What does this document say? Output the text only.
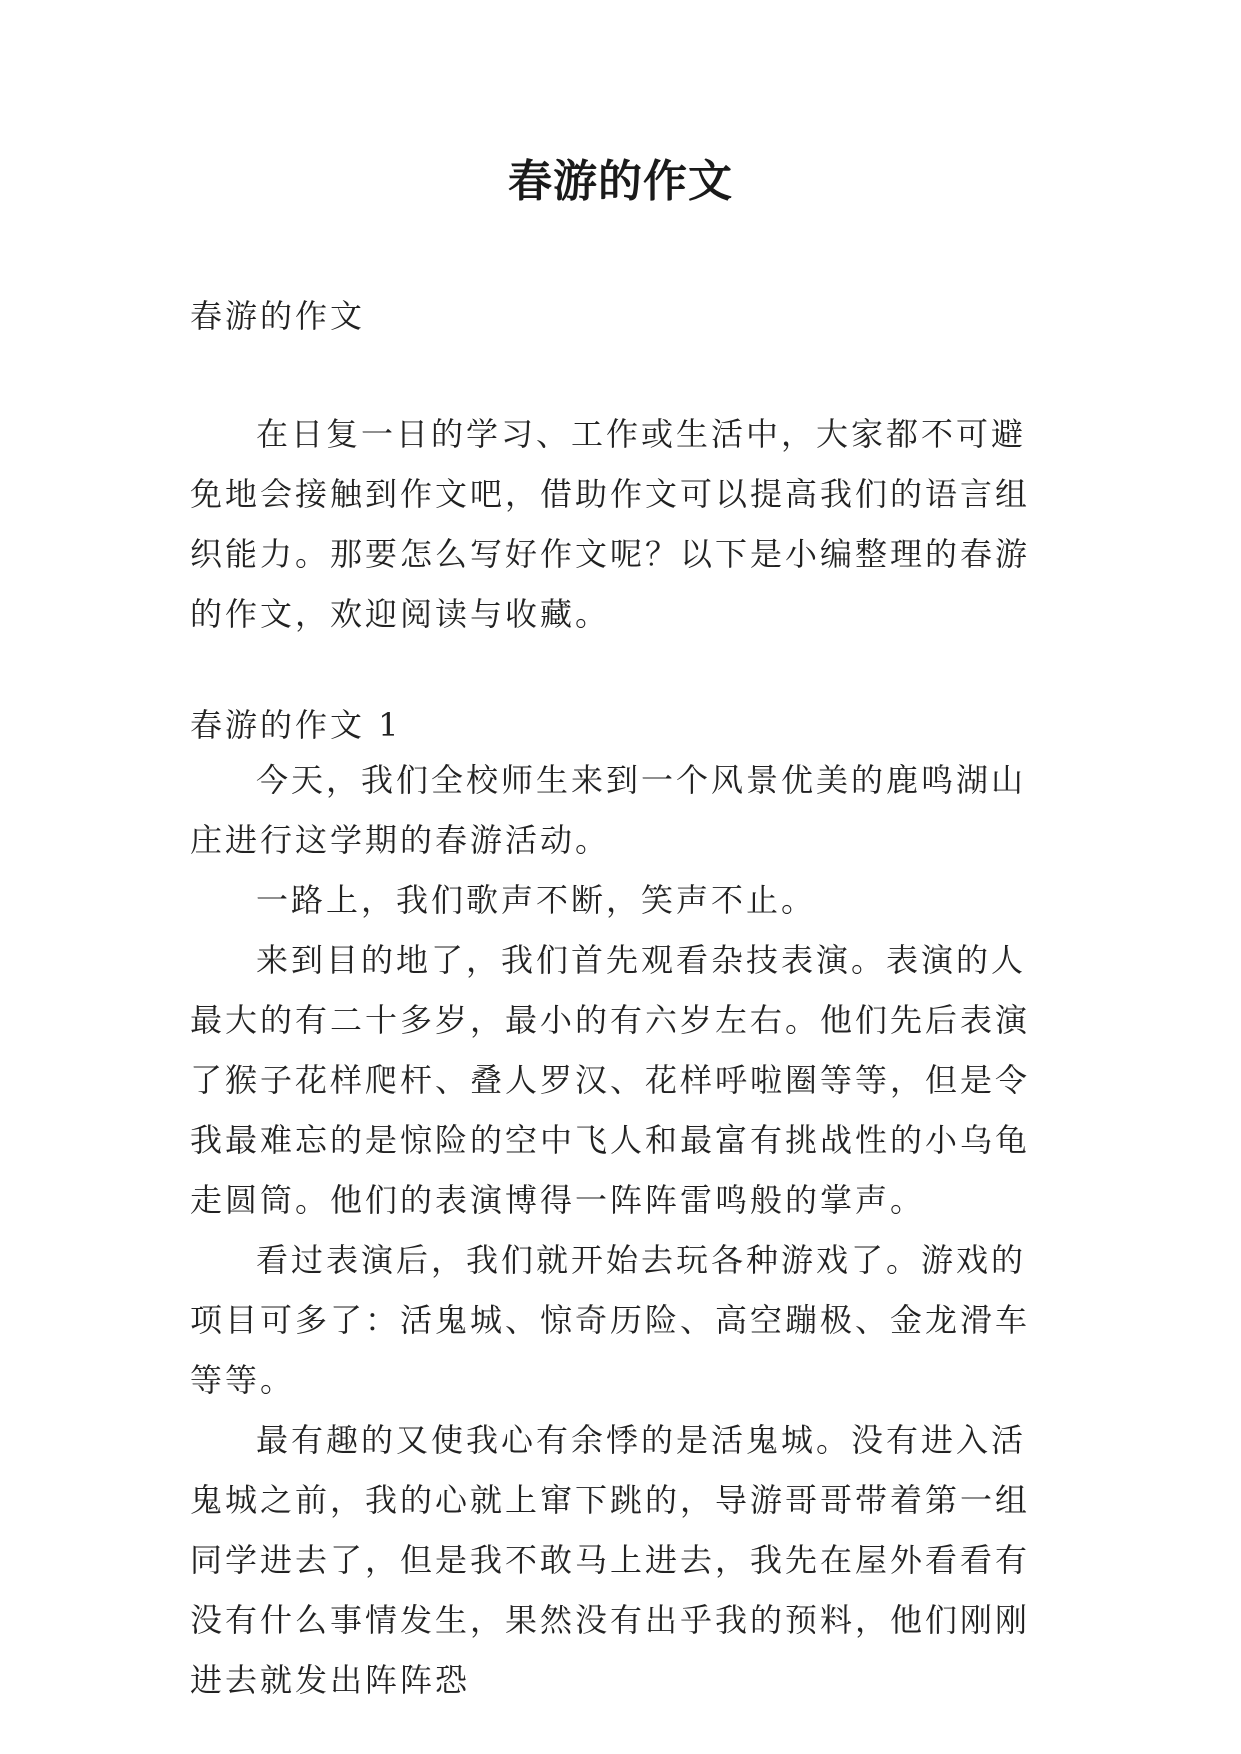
春游的作文
春游的作文
在日复一日的学习、工作或生活中，大家都不可避免地会接触到作文吧，借助作文可以提高我们的语言组织能力。那要怎么写好作文呢？以下是小编整理的春游的作文，欢迎阅读与收藏。
春游的作文 1

今天，我们全校师生来到一个风景优美的鹿鸣湖山庄进行这学期的春游活动。

一路上，我们歌声不断，笑声不止。

来到目的地了，我们首先观看杂技表演。表演的人最大的有二十多岁，最小的有六岁左右。他们先后表演了猴子花样爬杆、叠人罗汉、花样呼啦圈等等，但是令我最难忘的是惊险的空中飞人和最富有挑战性的小乌龟走圆筒。他们的表演博得一阵阵雷鸣般的掌声。

看过表演后，我们就开始去玩各种游戏了。游戏的项目可多了：活鬼城、惊奇历险、高空蹦极、金龙滑车等等。

最有趣的又使我心有余悸的是活鬼城。没有进入活鬼城之前，我的心就上窜下跳的，导游哥哥带着第一组同学进去了，但是我不敢马上进去，我先在屋外看看有没有什么事情发生，果然没有出乎我的预料，他们刚刚进去就发出阵阵恐
